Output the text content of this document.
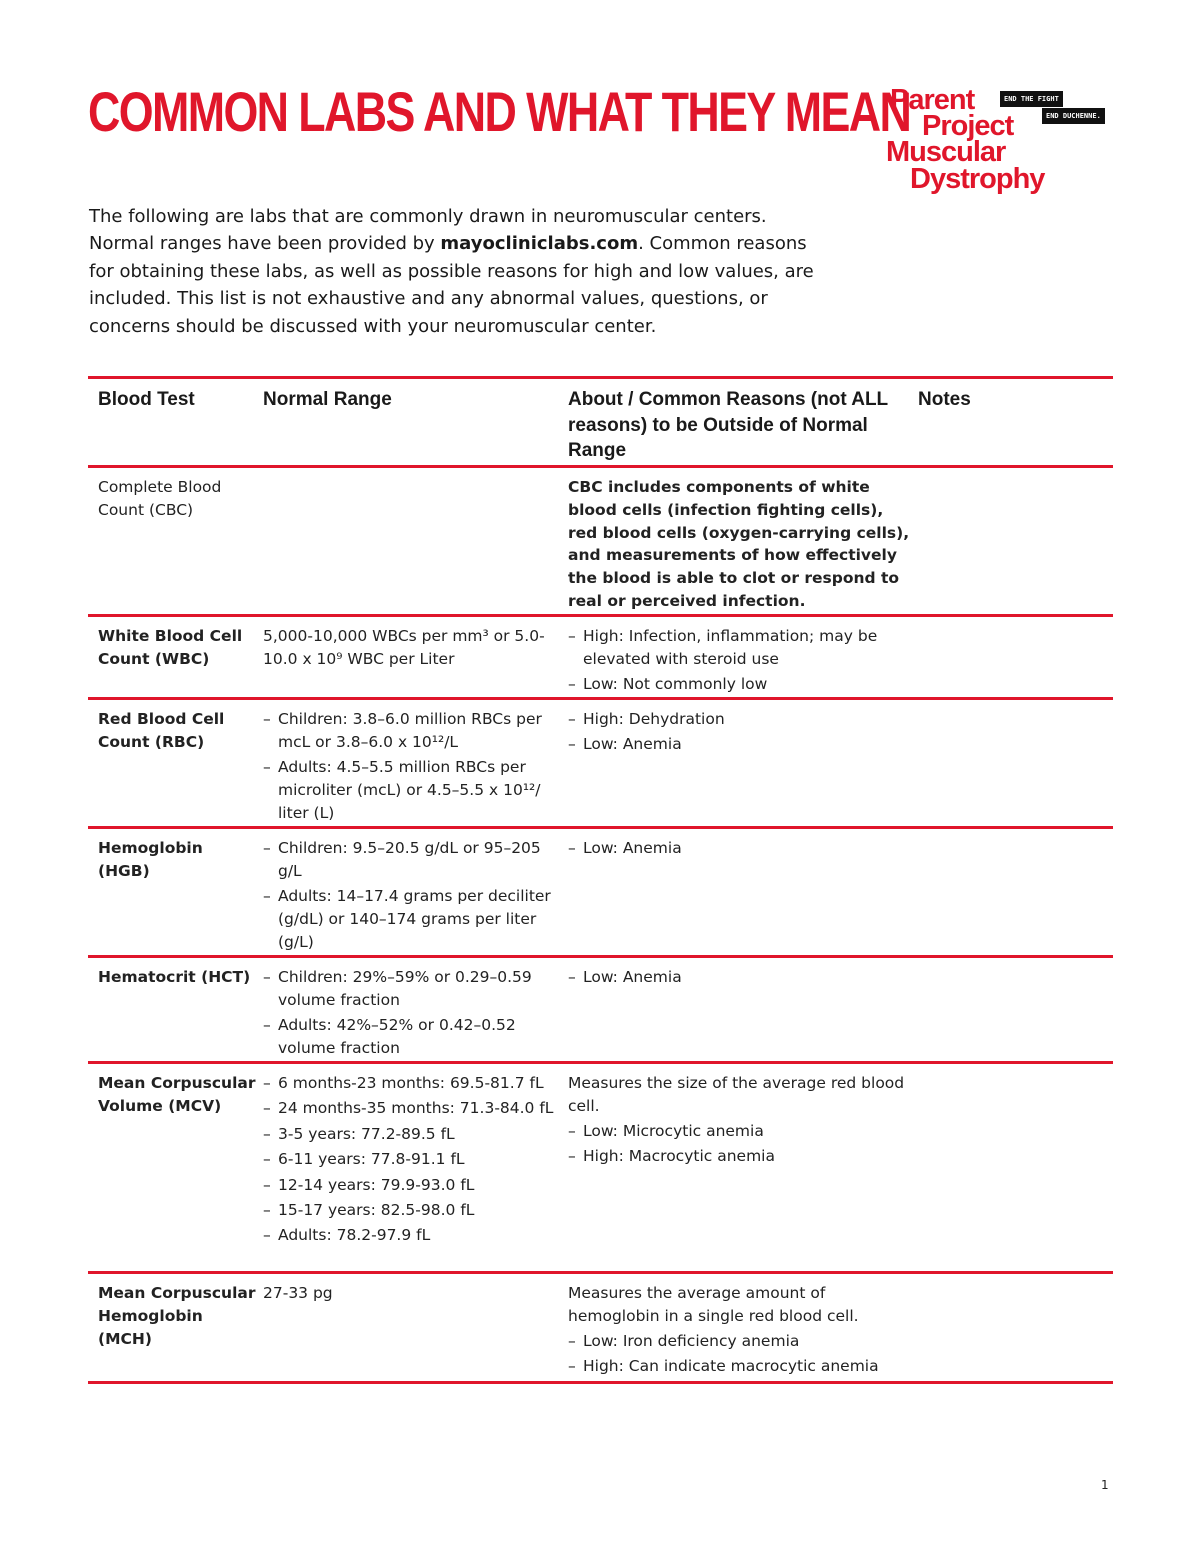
COMMON LABS AND WHAT THEY MEAN
Parent	END THE FIGHT
Project	END DUCHENNE.
Muscular
Dystrophy

The following are labs that are commonly drawn in neuromuscular centers. Normal ranges have been provided by mayocliniclabs.com. Common reasons for obtaining these labs, as well as possible reasons for high and low values, are included. This list is not exhaustive and any abnormal values, questions, or concerns should be discussed with your neuromuscular center.

Blood Test	Normal Range	About / Common Reasons (not ALL reasons) to be Outside of Normal Range
Notes
Complete Blood Count (CBC)
CBC includes components of white blood cells (infection fighting cells), red blood cells (oxygen-carrying cells), and measurements of how effectively the blood is able to clot or respond to real or perceived infection.
White Blood Cell Count (WBC)

5,000-10,000 WBCs per mm³ or 5.0-10.0 x 10⁹ WBC per Liter

– High: Infection, inflammation; may be elevated with steroid use
– Low: Not commonly low
Red Blood Cell Count (RBC)
– Children: 3.8–6.0 million RBCs per mcL or 3.8–6.0 x 10¹²/L
– Adults: 4.5–5.5 million RBCs per microliter (mcL) or 4.5–5.5 x 10¹²/ liter (L)
– High: Dehydration
– Low: Anemia
Hemoglobin (HGB)
– Children: 9.5–20.5 g/dL or 95–205 g/L
– Adults: 14–17.4 grams per deciliter (g/dL) or 140–174 grams per liter (g/L)
– Low: Anemia
Hematocrit (HCT)
–	Children: 29%–59% or 0.29–0.59 volume fraction
– Adults: 42%–52% or 0.42–0.52 volume fraction
– Low: Anemia
Mean Corpuscular Volume (MCV)
– 6 months-23 months: 69.5-81.7 fL
– 24 months-35 months: 71.3-84.0 fL
– 3-5 years: 77.2-89.5 fL
– 6-11 years: 77.8-91.1 fL
– 12-14 years: 79.9-93.0 fL
– 15-17 years: 82.5-98.0 fL
– Adults: 78.2-97.9 fL

Measures the size of the average red blood cell.

– Low: Microcytic anemia
– High: Macrocytic anemia
Mean Corpuscular Hemoglobin (MCH)

27-33 pg	Measures the average amount of hemoglobin in a single red blood cell.

– Low: Iron deficiency anemia
– High: Can indicate macrocytic anemia
1
